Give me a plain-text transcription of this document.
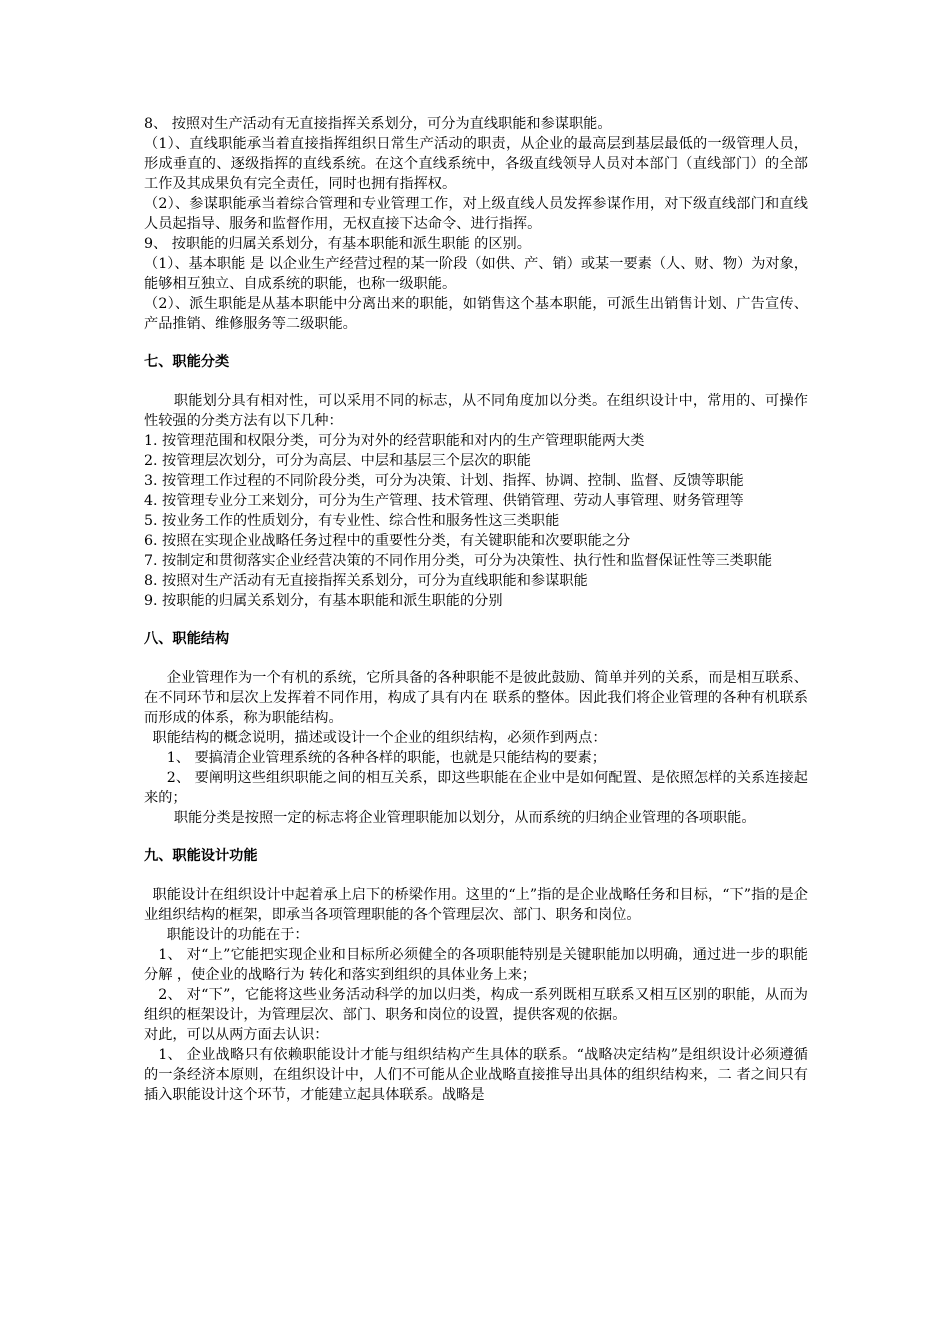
8、 按照对生产活动有无直接指挥关系划分，可分为直线职能和参谋职能。

（1）、直线职能承当着直接指挥组织日常生产活动的职责，从企业的最高层到基层最低的一级管理人员，形成垂直的、逐级指挥的直线系统。在这个直线系统中，各级直线领导人员对本部门（直线部门）的全部工作及其成果负有完全责任，同时也拥有指挥权。

（2）、参谋职能承当着综合管理和专业管理工作，对上级直线人员发挥参谋作用，对下级直线部门和直线人员起指导、服务和监督作用，无权直接下达命令、进行指挥。

9、 按职能的归属关系划分，有基本职能和派生职能 的区别。

（1）、基本职能 是 以企业生产经营过程的某一阶段（如供、产、销）或某一要素（人、财、物）为对象，能够相互独立、自成系统的职能，也称一级职能。

（2）、派生职能是从基本职能中分离出来的职能，如销售这个基本职能，可派生出销售计划、广告宣传、产品推销、维修服务等二级职能。

七、职能分类

职能划分具有相对性，可以采用不同的标志，从不同角度加以分类。在组织设计中，常用的、可操作性较强的分类方法有以下几种：

1. 按管理范围和权限分类，可分为对外的经营职能和对内的生产管理职能两大类

2. 按管理层次划分，可分为高层、中层和基层三个层次的职能

3. 按管理工作过程的不同阶段分类，可分为决策、计划、指挥、协调、控制、监督、反馈等职能

4. 按管理专业分工来划分，可分为生产管理、技术管理、供销管理、劳动人事管理、财务管理等

5. 按业务工作的性质划分，有专业性、综合性和服务性这三类职能

6. 按照在实现企业战略任务过程中的重要性分类，有关键职能和次要职能之分

7. 按制定和贯彻落实企业经营决策的不同作用分类，可分为决策性、执行性和监督保证性等三类职能

8. 按照对生产活动有无直接指挥关系划分，可分为直线职能和参谋职能

9. 按职能的归属关系划分，有基本职能和派生职能的分别

八、职能结构

企业管理作为一个有机的系统，它所具备的各种职能不是彼此鼓励、简单并列的关系，而是相互联系、在不同环节和层次上发挥着不同作用，构成了具有内在 联系的整体。因此我们将企业管理的各种有机联系而形成的体系，称为职能结构。

职能结构的概念说明，描述或设计一个企业的组织结构，必须作到两点：

1、 要搞清企业管理系统的各种各样的职能，也就是只能结构的要素；

2、 要阐明这些组织职能之间的相互关系，即这些职能在企业中是如何配置、是依照怎样的关系连接起来的；

职能分类是按照一定的标志将企业管理职能加以划分，从而系统的归纳企业管理的各项职能。

九、职能设计功能

职能设计在组织设计中起着承上启下的桥梁作用。这里的“上”指的是企业战略任务和目标，“下”指的是企业组织结构的框架，即承当各项管理职能的各个管理层次、部门、职务和岗位。

职能设计的功能在于：

1、 对“上”它能把实现企业和目标所必须健全的各项职能特别是关键职能加以明确，通过进一步的职能分解 ，使企业的战略行为 转化和落实到组织的具体业务上来；

2、 对“下”，它能将这些业务活动科学的加以归类，构成一系列既相互联系又相互区别的职能，从而为组织的框架设计，为管理层次、部门、职务和岗位的设置，提供客观的依据。

对此，可以从两方面去认识：

1、 企业战略只有依赖职能设计才能与组织结构产生具体的联系。“战略决定结构”是组织设计必须遵循的一条经济本原则，在组织设计中，人们不可能从企业战略直接推导出具体的组织结构来，二 者之间只有插入职能设计这个环节，才能建立起具体联系。战略是
